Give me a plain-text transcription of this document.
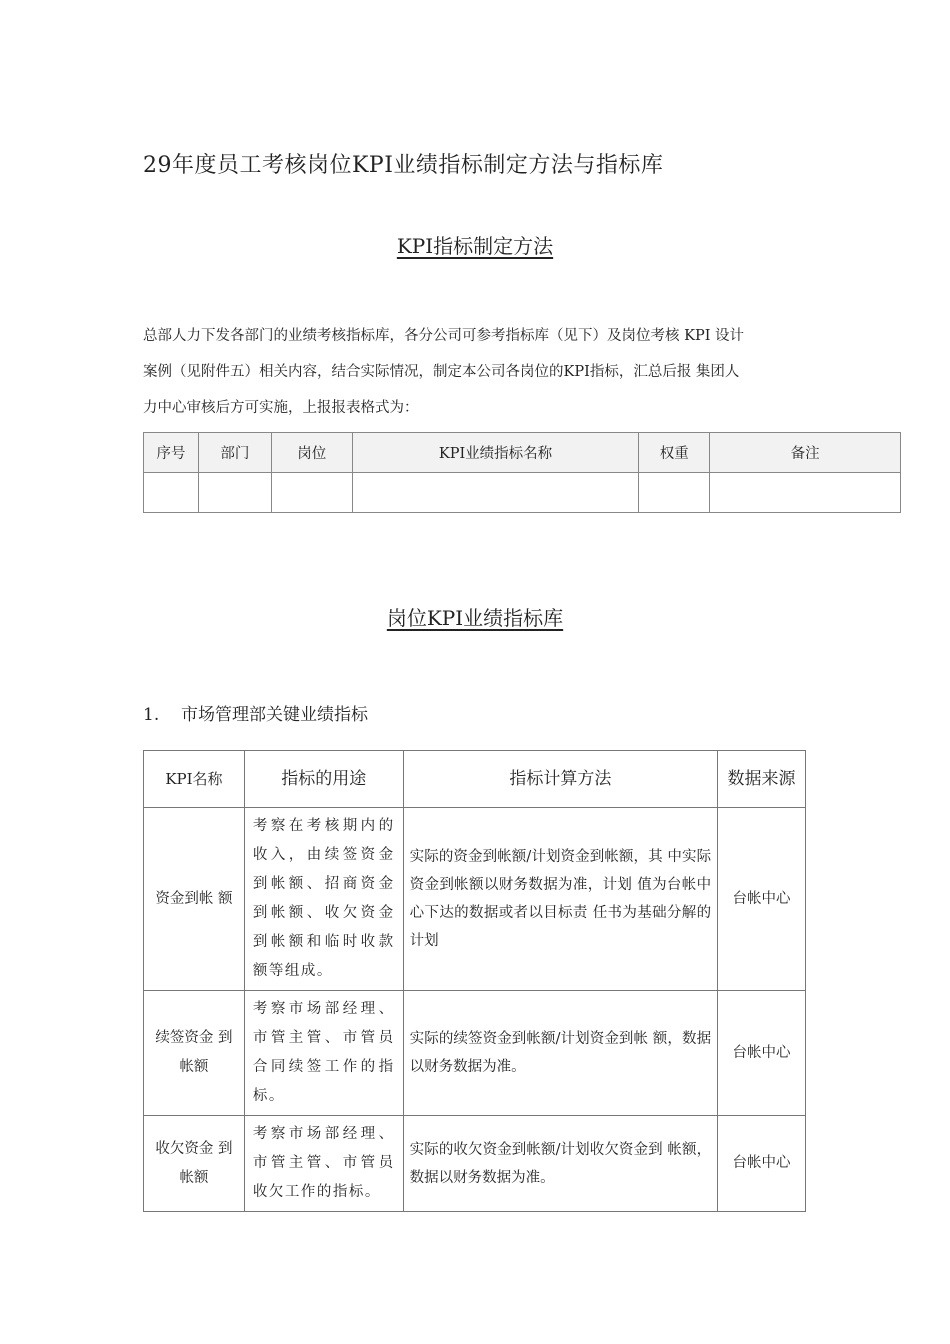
29年度员工考核岗位KPI业绩指标制定方法与指标库
KPI指标制定方法

总部人力下发各部门的业绩考核指标库，各分公司可参考指标库（见下）及岗位考核 KPI 设计
案例（见附件五）相关内容，结合实际情况，制定本公司各岗位的KPI指标，汇总后报 集团人
力中心审核后方可实施，上报报表格式为：

序号	部门	岗位	KPI业绩指标名称	权重	备注

岗位KPI业绩指标库

1. 市场管理部关键业绩指标

KPI名称	指标的用途	指标计算方法	数据来源
资金到帐 额	考察在考核期内的收入，由续签资金到帐额、招商资金到帐额、收欠资金到帐额和临时收款额等组成。	实际的资金到帐额/计划资金到帐额，其 中实际资金到帐额以财务数据为准，计划 值为台帐中心下达的数据或者以目标责 任书为基础分解的计划	台帐中心
续签资金 到帐额	考察市场部经理、市管主管、市管员合同续签工作的指标。	实际的续签资金到帐额/计划资金到帐 额，数据以财务数据为准。	台帐中心
收欠资金 到帐额	考察市场部经理、市管主管、市管员收欠工作的指标。	实际的收欠资金到帐额/计划收欠资金到 帐额，数据以财务数据为准。	台帐中心
